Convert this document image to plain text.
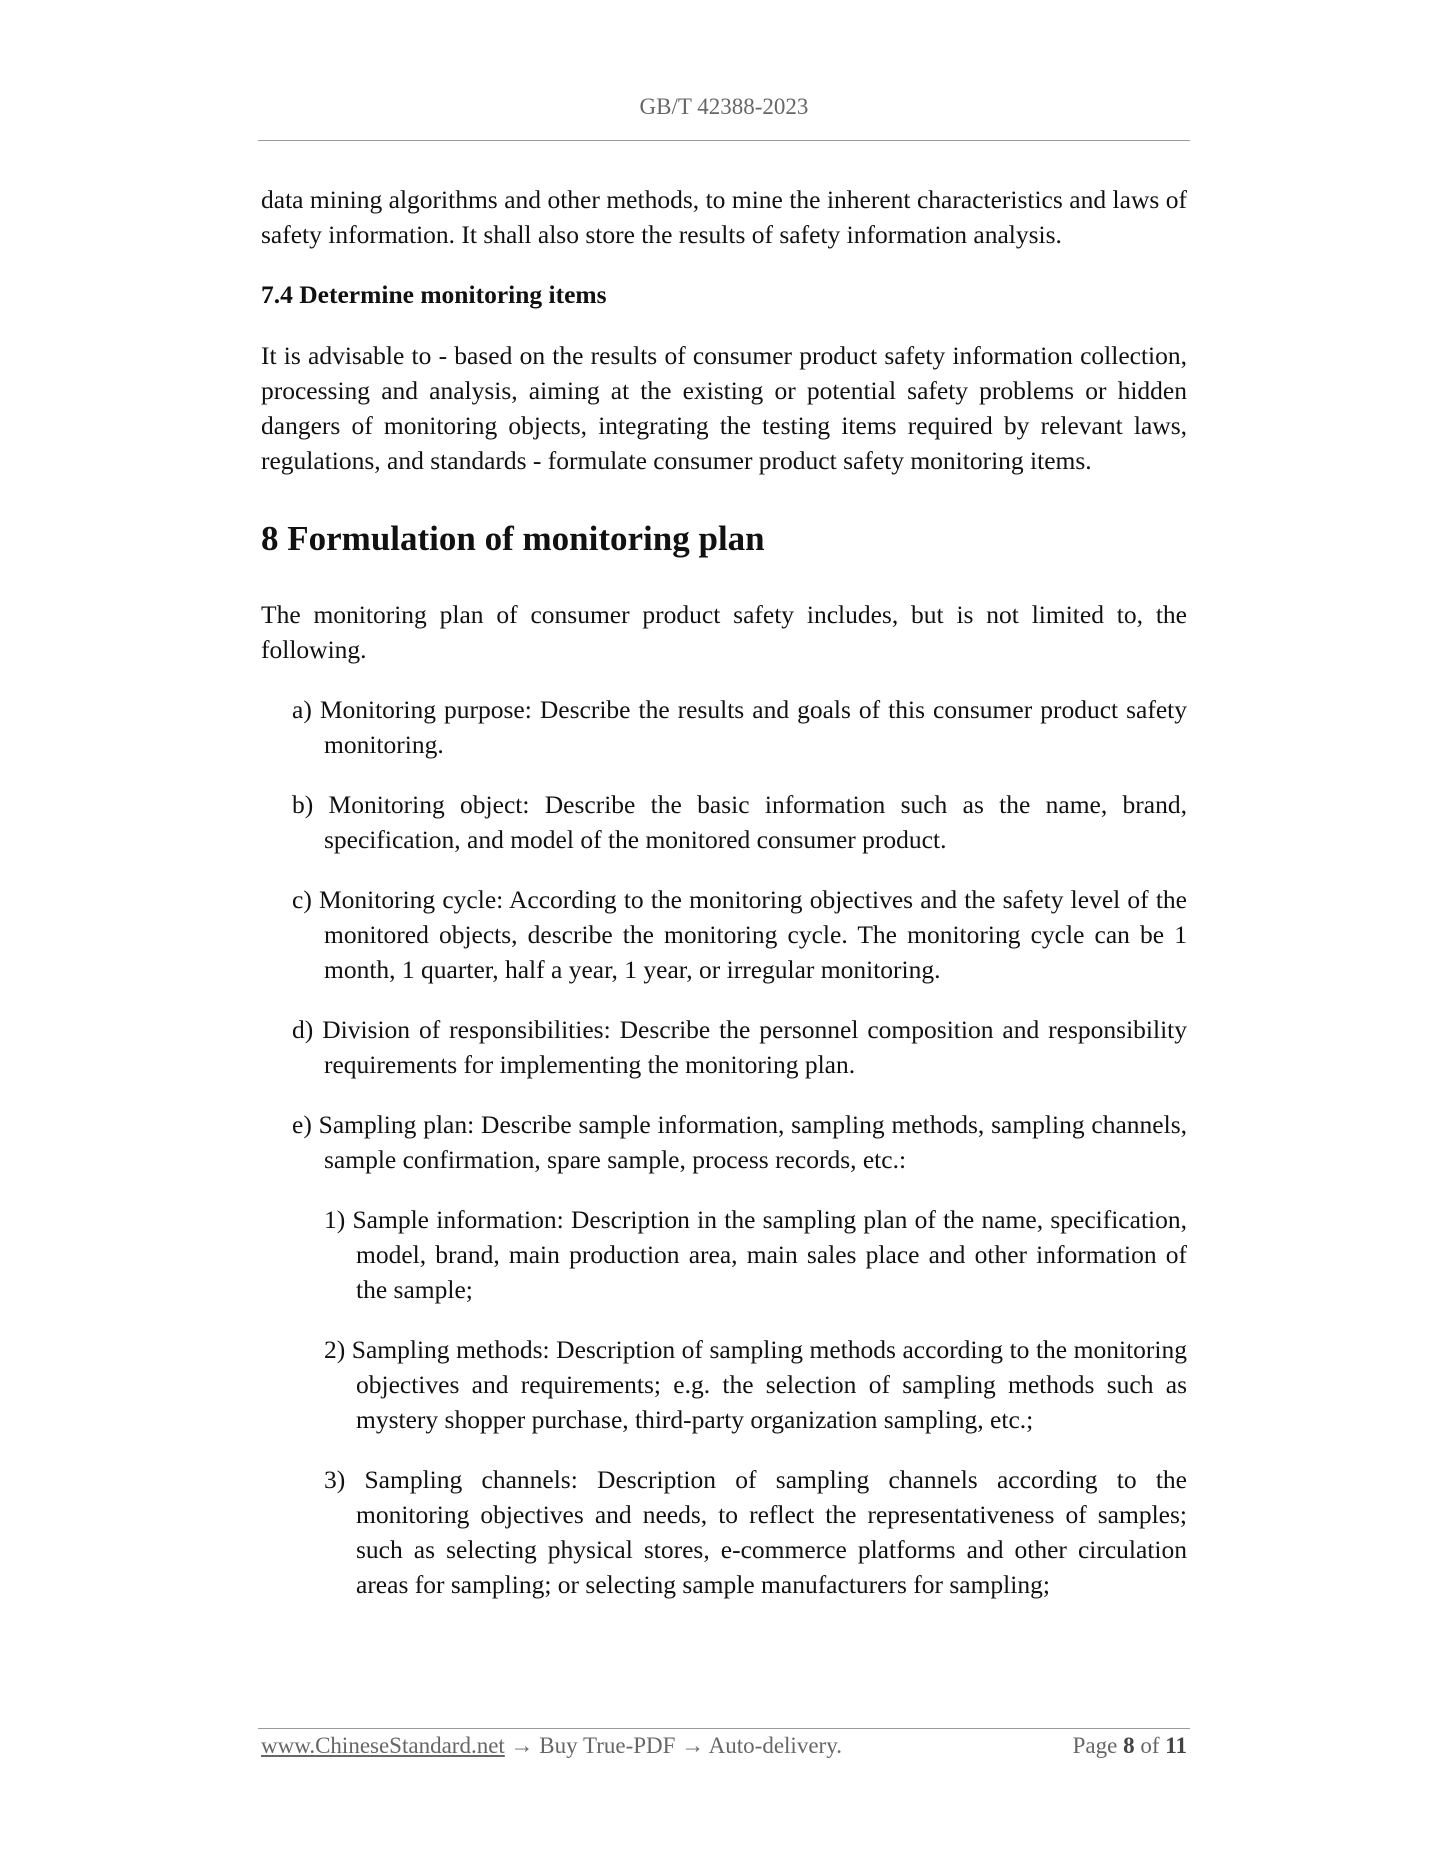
GB/T 42388-2023

data mining algorithms and other methods, to mine the inherent characteristics and laws of safety information. It shall also store the results of safety information analysis.

7.4 Determine monitoring items

It is advisable to - based on the results of consumer product safety information collection, processing and analysis, aiming at the existing or potential safety problems or hidden dangers of monitoring objects, integrating the testing items required by relevant laws, regulations, and standards - formulate consumer product safety monitoring items.

8 Formulation of monitoring plan

The monitoring plan of consumer product safety includes, but is not limited to, the following.

a) Monitoring purpose: Describe the results and goals of this consumer product safety monitoring.

b) Monitoring object: Describe the basic information such as the name, brand, specification, and model of the monitored consumer product.

c) Monitoring cycle: According to the monitoring objectives and the safety level of the monitored objects, describe the monitoring cycle. The monitoring cycle can be 1 month, 1 quarter, half a year, 1 year, or irregular monitoring.

d) Division of responsibilities: Describe the personnel composition and responsibility requirements for implementing the monitoring plan.

e) Sampling plan: Describe sample information, sampling methods, sampling channels, sample confirmation, spare sample, process records, etc.:

1) Sample information: Description in the sampling plan of the name, specification, model, brand, main production area, main sales place and other information of the sample;

2) Sampling methods: Description of sampling methods according to the monitoring objectives and requirements; e.g. the selection of sampling methods such as mystery shopper purchase, third-party organization sampling, etc.;

3) Sampling channels: Description of sampling channels according to the monitoring objectives and needs, to reflect the representativeness of samples; such as selecting physical stores, e-commerce platforms and other circulation areas for sampling; or selecting sample manufacturers for sampling;

www.ChineseStandard.net → Buy True-PDF → Auto-delivery.	Page 8 of 11
